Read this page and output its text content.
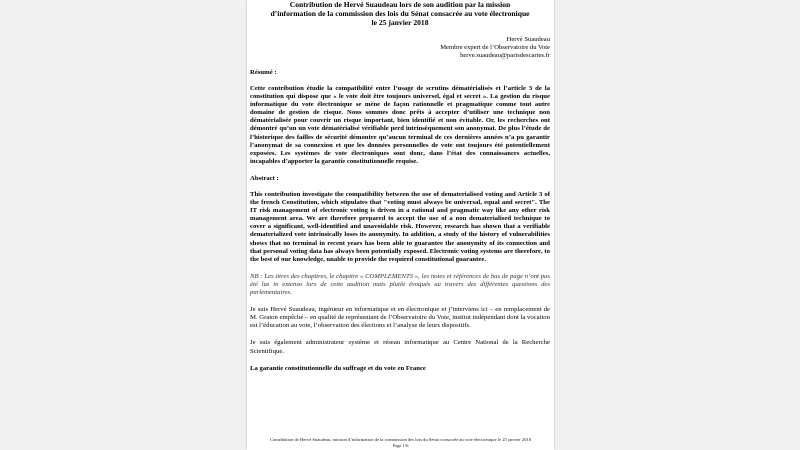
Contribution de Hervé Suaudeau lors de son audition par la mission
d’information de la commission des lois du Sénat consacrée au vote électronique
le 25 janvier 2018
Hervé Suaudeau
Membre expert de l’Observatoire du Vote
herve.suaudeau@parisdescartes.fr
Résumé :

Cette contribution étudie la compatibilité entre l’usage de scrutins dématérialisés et l’article 3 de la constitution qui dispose que « le vote doit être toujours universel, égal et secret ». La gestion du risque informatique du vote électronique se mène de façon rationnelle et pragmatique comme tout autre domaine de gestion de risque. Nous sommes donc prêts à accepter d’utiliser une technique non dématérialisée pour couvrir un risque important, bien identifié et non évitable. Or, les recherches ont démontré qu’un un vote dématérialisé vérifiable perd intrinsèquement son anonymat. De plus l’étude de l’historique des failles de sécurité démontre qu’aucun terminal de ces dernières années n’a pu garantir l’anonymat de sa connexion et que les données personnelles de vote ont toujours été potentiellement exposées. Les systèmes de vote électroniques sont donc, dans l’état des connaissances actuelles, incapables d’apporter la garantie constitutionnelle requise.

Abstract :

This contribution investigate the compatibility between the use of dematerialised voting and Article 3 of the french Constitution, which stipulates that "voting must always be universal, equal and secret". The IT risk management of electronic voting is driven in a rational and pragmatic way like any other risk management area. We are therefore prepared to accept the use of a non dematerialised technique to cover a significant, well-identified and unavoidable risk. However, research has shown that a verifiable dematerialized vote intrinsically loses its anonymity. In addition, a study of the history of vulnerabilities shows that no terminal in recent years has been able to guarantee the anonymity of its connection and that personal voting data has always been potentially exposed. Electronic voting systems are therefore, to the best of our knowledge, unable to provide the required constitutional guarantee.

NB : Les titres des chapitres, le chapitre « COMPLEMENTS », les notes et références de bas de page n’ont pas été lus in extenso lors de cette audition mais plutôt évoqués au travers des différentes questions des parlementaires.

Je suis Hervé Suaudeau, ingénieur en informatique et en électronique et j’interviens ici – en remplacement de M. Graton empêché – en qualité de représentant de l’Observatoire du Vote, institut indépendant dont la vocation est l’éducation au vote, l’observation des élections et l’analyse de leurs dispositifs.

Je suis également administrateur système et réseau informatique au Centre National de la Recherche Scientifique.

La garantie constitutionnelle du suffrage et du vote en France
Contribution de Hervé Suaudeau, mission d’information de la commission des lois du Sénat consacrée au vote électronique le 25 janvier 2018
Page 1/6
